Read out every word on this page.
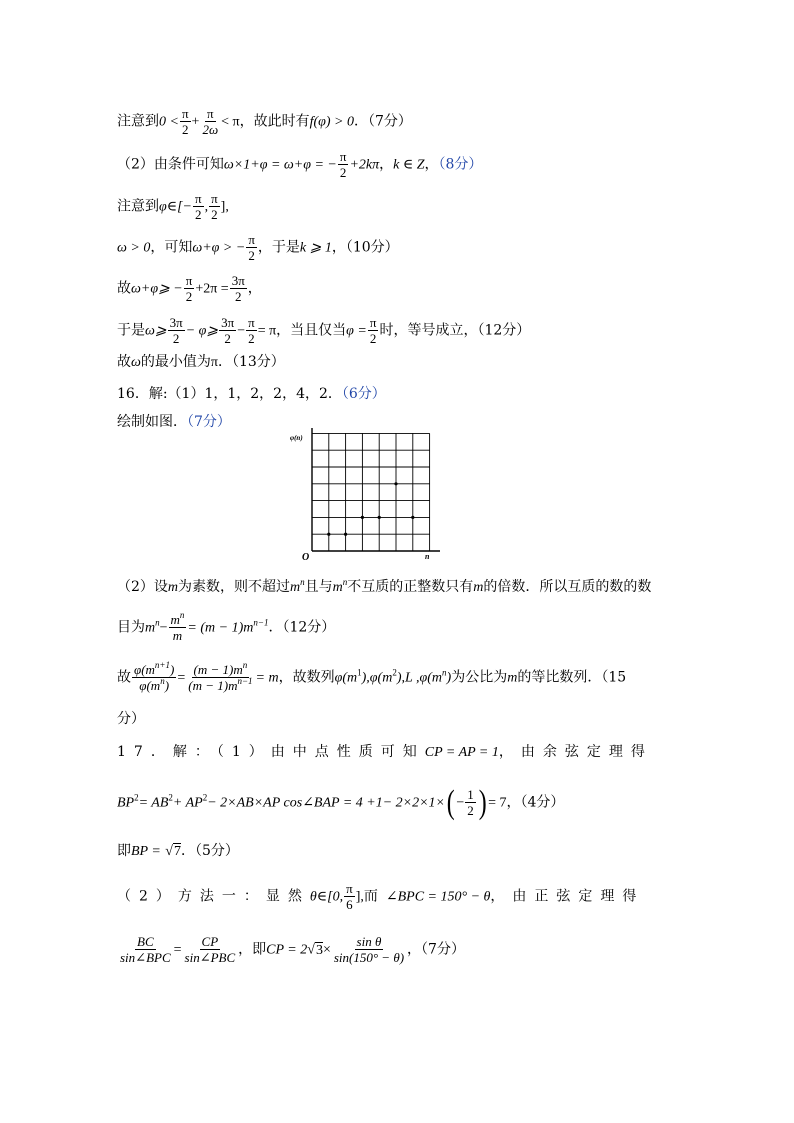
注意到$0 < \frac{\pi}{2} + \frac{\pi}{2\omega} < \pi$，故此时有f(φ) > 0．（7分）
（2）由条件可知ω×1+φ = ω+φ = − $\frac{\pi}{2} +2k\pi$，k ∈ Z，（8分）
注意到φ∈[− $\frac{\pi}{2}$ , $\frac{\pi}{2}$ ],
ω > 0，可知ω+φ > − $\frac{\pi}{2}$ ，于是k ⩾ 1，（10分）
故ω+φ⩾ − $\frac{\pi}{2} +2\pi = \frac{3\pi}{2}$ ，
于是ω⩾ $\frac{3\pi}{2}$ − φ⩾ $\frac{3\pi}{2} - \frac{\pi}{2} = \pi$，当且仅当$\varphi = \frac{\pi}{2}$ 时，等号成立，（12分）
故ω的最小值为π．（13分）
16．解:（1）1，1，2，2，4，2．（6分）
绘制如图．（7分）
φ(n)
n
O
（2）设m为素数，则不超过$m^n$且与$m^n$不互质的正整数只有m的倍数．所以互质的数的数
目为$m^n- \frac{m^n}{m} = (m - 1)m^{n-1}$．（12分）
故 $\frac{\varphi(m^{n+1})}{\varphi(m^n)} = \frac{(m - 1)m^n}{(m - 1)m^{n-1}} = m$，故数列$\varphi(m^1),\varphi(m^2),L$ $,\varphi(m^n)$为公比为m的等比数列．（15
分）
17．解：（1）由中点性质可知CP = AP = 1，由余弦定理得
$BP^2= AB^2+ AP^2- 2\times AB\times AP$ cos∠BAP = $4 +1- 2\times 2\times 1\times( - \frac{1}{2}$ ) = 7，（4分）
即BP = √7．（5分）
（2）方法一：显然θ∈[0, $\frac{\pi}{6}$ ],而∠BPC = 150° − θ，由正弦定理得
BC
sin∠BPC =
CP
sin∠PBC ，即CP = $2√3\times \frac{\text{sin θ}}{\sin(150^\circ - \theta)}$ ，（7分）
